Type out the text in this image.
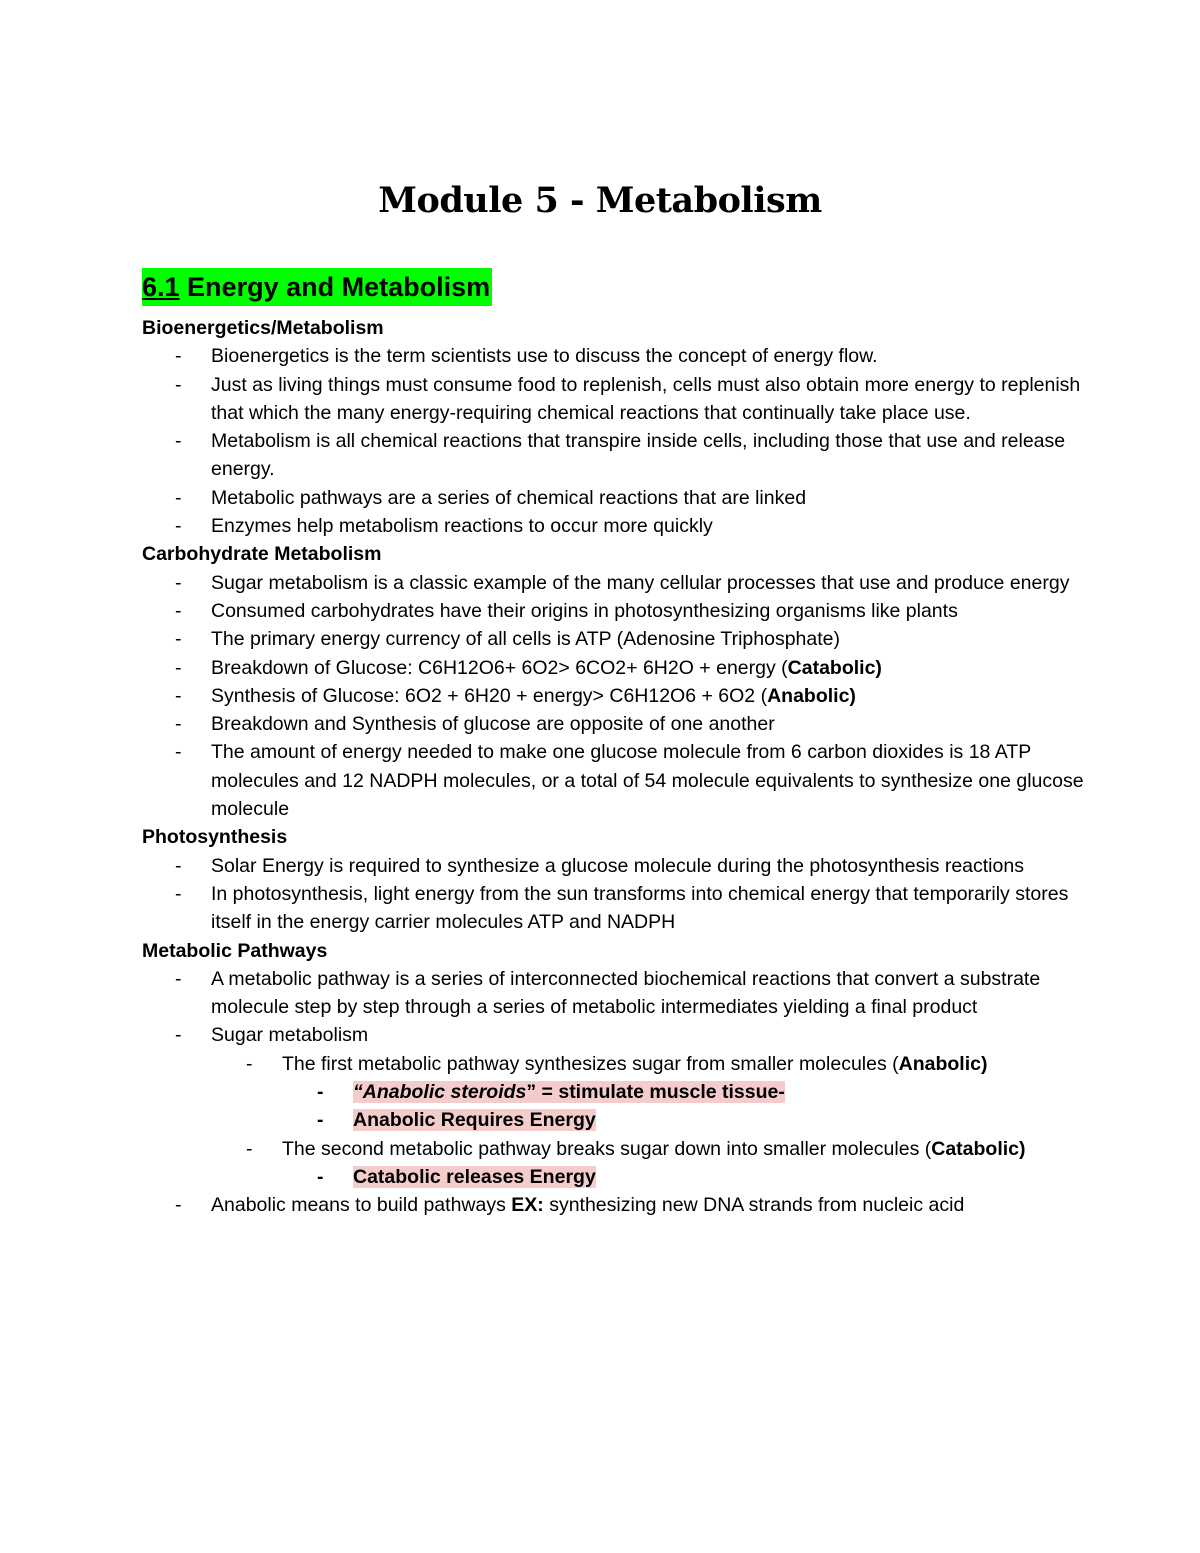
Module 5 - Metabolism
6.1 Energy and Metabolism
Bioenergetics/Metabolism
- Bioenergetics is the term scientists use to discuss the concept of energy flow.
- Just as living things must consume food to replenish, cells must also obtain more energy to replenish that which the many energy-requiring chemical reactions that continually take place use.
- Metabolism is all chemical reactions that transpire inside cells, including those that use and release energy.
- Metabolic pathways are a series of chemical reactions that are linked
- Enzymes help metabolism reactions to occur more quickly
Carbohydrate Metabolism
- Sugar metabolism is a classic example of the many cellular processes that use and produce energy
- Consumed carbohydrates have their origins in photosynthesizing organisms like plants
- The primary energy currency of all cells is ATP (Adenosine Triphosphate)
- Breakdown of Glucose: C6H12O6+ 6O2> 6CO2+ 6H2O + energy (Catabolic)
- Synthesis of Glucose: 6O2 + 6H20 + energy> C6H12O6 + 6O2 (Anabolic)
- Breakdown and Synthesis of glucose are opposite of one another
- The amount of energy needed to make one glucose molecule from 6 carbon dioxides is 18 ATP molecules and 12 NADPH molecules, or a total of 54 molecule equivalents to synthesize one glucose molecule
Photosynthesis
- Solar Energy is required to synthesize a glucose molecule during the photosynthesis reactions
- In photosynthesis, light energy from the sun transforms into chemical energy that temporarily stores itself in the energy carrier molecules ATP and NADPH
Metabolic Pathways
- A metabolic pathway is a series of interconnected biochemical reactions that convert a substrate molecule step by step through a series of metabolic intermediates yielding a final product
- Sugar metabolism
- The first metabolic pathway synthesizes sugar from smaller molecules (Anabolic)
- “Anabolic steroids” = stimulate muscle tissue-
- Anabolic Requires Energy
- The second metabolic pathway breaks sugar down into smaller molecules (Catabolic)
- Catabolic releases Energy
- Anabolic means to build pathways EX: synthesizing new DNA strands from nucleic acid
